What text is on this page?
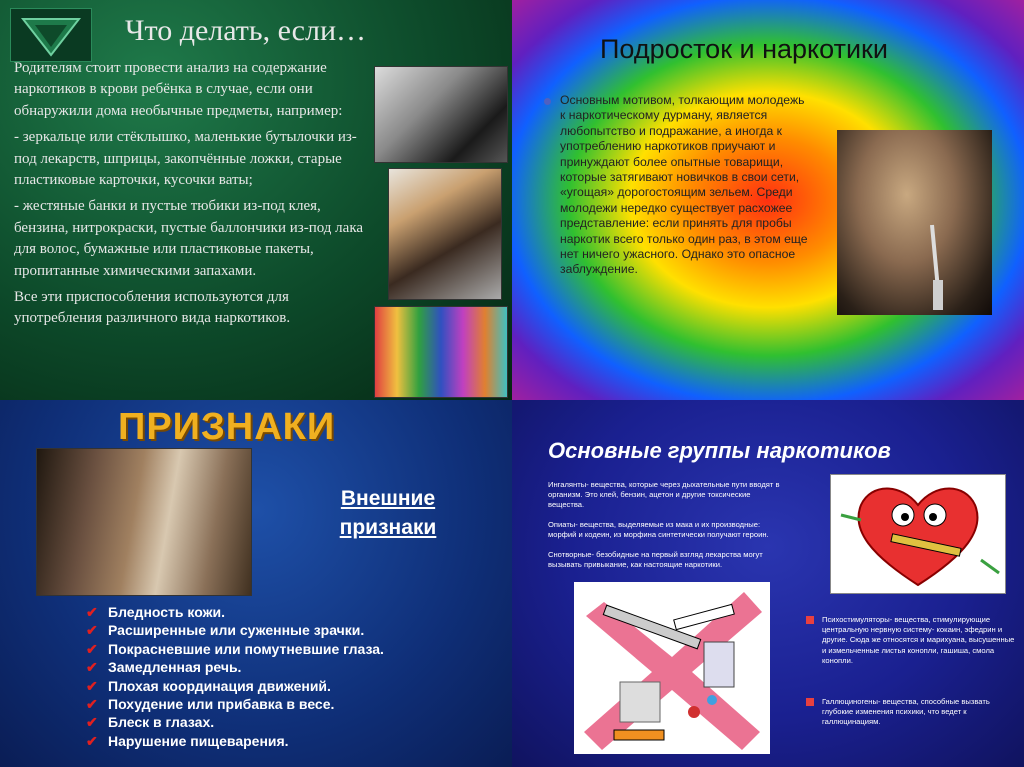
Что делать, если…

Родителям стоит провести анализ на содержание наркотиков в крови ребёнка в случае, если они обнаружили дома необычные предметы, например:

- зеркальце или стёклышко, маленькие бутылочки из-под лекарств, шприцы, закопчённые ложки, старые пластиковые карточки, кусочки ваты;

- жестяные банки и пустые тюбики из-под клея, бензина, нитрокраски, пустые баллончики из-под лака для волос, бумажные или пластиковые пакеты, пропитанные химическими запахами.

Все эти приспособления используются для употребления различного вида наркотиков.

Подросток и наркотики
Основным мотивом, толкающим молодежь к наркотическому дурману, является любопытство и подражание, а иногда к употреблению наркотиков приучают и принуждают более опытные товарищи, которые затягивают новичков в свои сети, «угощая» дорогостоящим зельем. Среди молодежи нередко существует расхожее представление: если принять для пробы наркотик всего только один раз, в этом еще нет ничего ужасного. Однако это опасное заблуждение.
ПРИЗНАКИ
Внешние
признаки
✔ Бледность кожи.
✔ Расширенные или суженные зрачки.
✔ Покрасневшие или помутневшие глаза.
✔ Замедленная речь.
✔ Плохая координация движений.
✔ Похудение или прибавка в весе.
✔ Блеск в глазах.
✔ Нарушение пищеварения.
Основные группы наркотиков
Ингалянты- вещества, которые через дыхательные пути вводят в организм. Это клей, бензин, ацетон и другие токсические вещества.
Опиаты- вещества, выделяемые из мака и их производные: морфий и кодеин, из морфина синтетически получают героин.
Снотворные- безобидные на первый взгляд лекарства могут вызывать привыкание, как настоящие наркотики.
Психостимуляторы- вещества, стимулирующие центральную нервную систему- кокаин, эфедрин и другие. Сюда же относятся и марихуана, высушенные и измельченные листья конопли, гашиша, смола конопли.
Галлюциногены- вещества, способные вызвать глубокие изменения психики, что ведет к галлюцинациям.
